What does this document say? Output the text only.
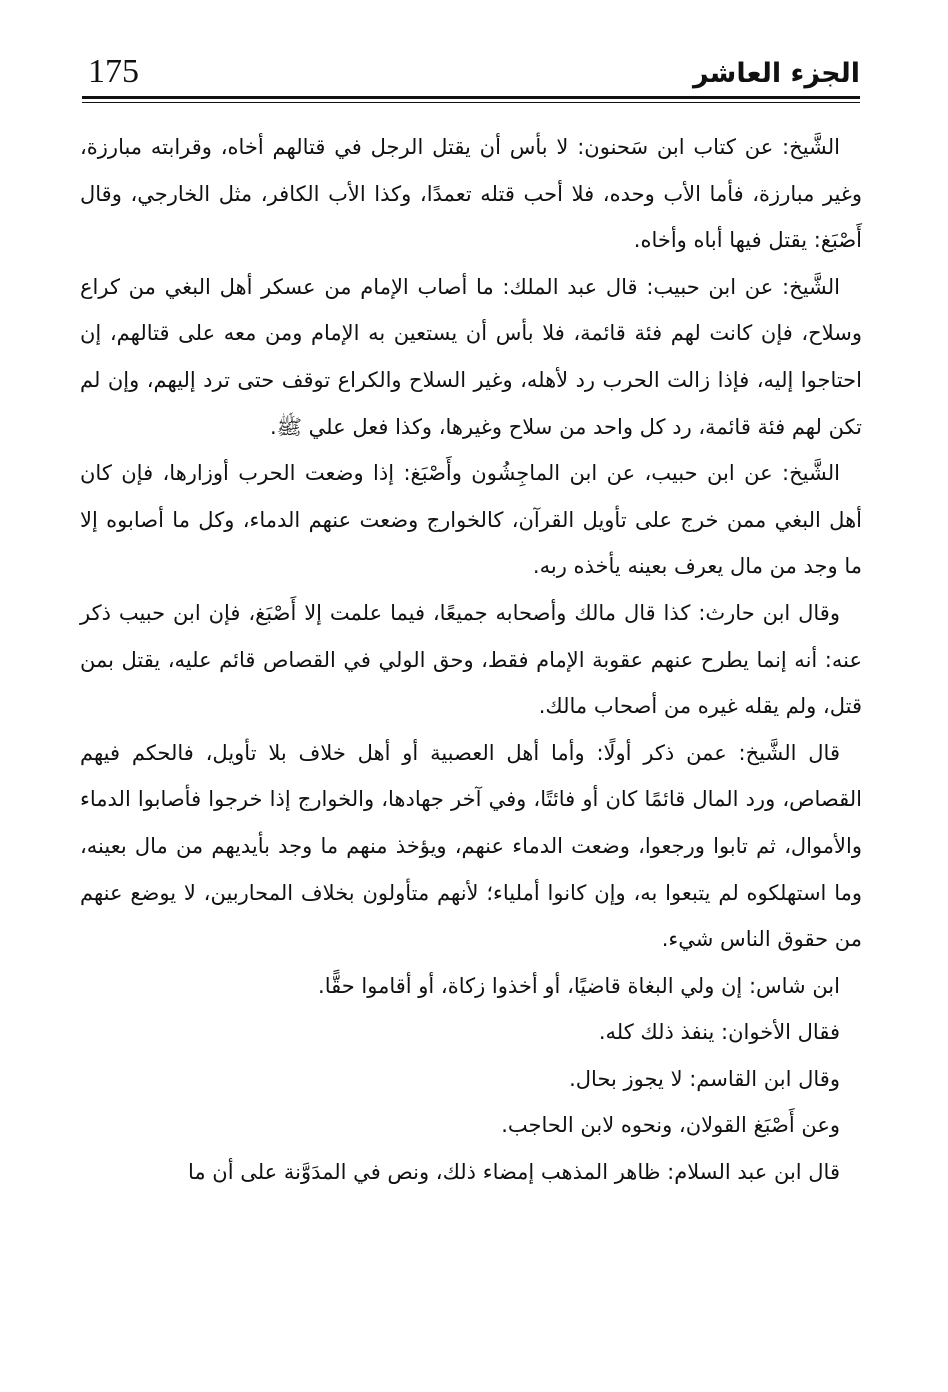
175	الجزء العاشر

الشَّيخ: عن كتاب ابن سَحنون: لا بأس أن يقتل الرجل في قتالهم أخاه، وقرابته مبارزة، وغير مبارزة، فأما الأب وحده، فلا أحب قتله تعمدًا، وكذا الأب الكافر، مثل الخارجي، وقال أَصْبَغ: يقتل فيها أباه وأخاه.

الشَّيخ: عن ابن حبيب: قال عبد الملك: ما أصاب الإمام من عسكر أهل البغي من كراع وسلاح، فإن كانت لهم فئة قائمة، فلا بأس أن يستعين به الإمام ومن معه على قتالهم، إن احتاجوا إليه، فإذا زالت الحرب رد لأهله، وغير السلاح والكراع توقف حتى ترد إليهم، وإن لم تكن لهم فئة قائمة، رد كل واحد من سلاح وغيرها، وكذا فعل علي ﷺ.

الشَّيخ: عن ابن حبيب، عن ابن الماجِشُون وأَصْبَغ: إذا وضعت الحرب أوزارها، فإن كان أهل البغي ممن خرج على تأويل القرآن، كالخوارج وضعت عنهم الدماء، وكل ما أصابوه إلا ما وجد من مال يعرف بعينه يأخذه ربه.

وقال ابن حارث: كذا قال مالك وأصحابه جميعًا، فيما علمت إلا أَصْبَغ، فإن ابن حبيب ذكر عنه: أنه إنما يطرح عنهم عقوبة الإمام فقط، وحق الولي في القصاص قائم عليه، يقتل بمن قتل، ولم يقله غيره من أصحاب مالك.

قال الشَّيخ: عمن ذكر أولًا: وأما أهل العصبية أو أهل خلاف بلا تأويل، فالحكم فيهم القصاص، ورد المال قائمًا كان أو فائتًا، وفي آخر جهادها، والخوارج إذا خرجوا فأصابوا الدماء والأموال، ثم تابوا ورجعوا، وضعت الدماء عنهم، ويؤخذ منهم ما وجد بأيديهم من مال بعينه، وما استهلكوه لم يتبعوا به، وإن كانوا أملياء؛ لأنهم متأولون بخلاف المحاربين، لا يوضع عنهم من حقوق الناس شيء.

ابن شاس: إن ولي البغاة قاضيًا، أو أخذوا زكاة، أو أقاموا حقًّا.

فقال الأخوان: ينفذ ذلك كله.

وقال ابن القاسم: لا يجوز بحال.

وعن أَصْبَغ القولان، ونحوه لابن الحاجب.

قال ابن عبد السلام: ظاهر المذهب إمضاء ذلك، ونص في المدَوَّنة على أن ما
